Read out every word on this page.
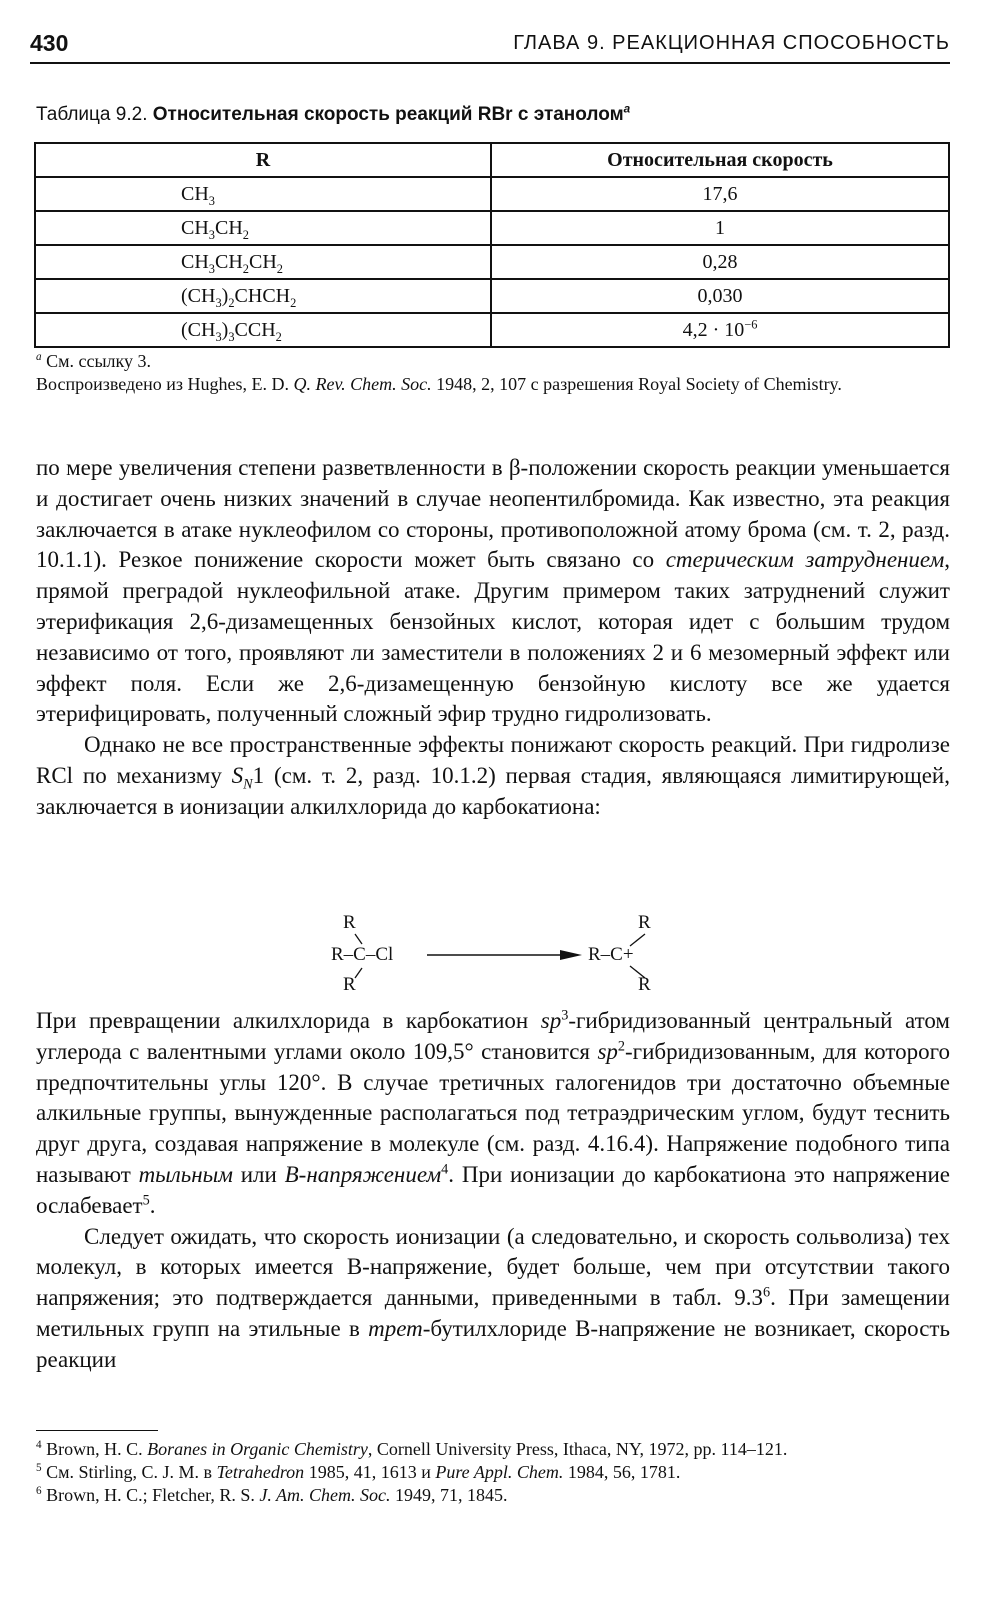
430	ГЛАВА 9. РЕАКЦИОННАЯ СПОСОБНОСТЬ
Таблица 9.2. Относительная скорость реакций RBr с этанолом$^a$
R	Относительная скорость
$CH_3$	17,6
$CH_3CH_2$	1
$CH_3CH_2CH_2$	0,28
$(CH_3)_2CHCH_2$	0,030
$(CH_3)_3CCH_2$	$4,2 \cdot 10^{-6}$

$^a$ См. ссылку 3.

Воспроизведено из Hughes, E. D. Q. Rev. Chem. Soc. 1948, 2, 107 с разрешения Royal Society of Chemistry.

по мере увеличения степени разветвленности в β-положении скорость реакции уменьшается и достигает очень низких значений в случае неопентилбромида. Как известно, эта реакция заключается в атаке нуклеофилом со стороны, противоположной атому брома (см. т. 2, разд. 10.1.1). Резкое понижение скорости может быть связано со стерическим затруднением, прямой преградой нуклеофильной атаке. Другим примером таких затруднений служит этерификация 2,6-дизамещенных бензойных кислот, которая идет с большим трудом независимо от того, проявляют ли заместители в положениях 2 и 6 мезомерный эффект или эффект поля. Если же 2,6-дизамещенную бензойную кислоту все же удается этерифицировать, полученный сложный эфир трудно гидролизовать.

Однако не все пространственные эффекты понижают скорость реакций. При гидролизе RCl по механизму $S_N1$ (см. т. 2, разд. 10.1.2) первая стадия, являющаяся лимитирующей, заключается в ионизации алкилхлорида до карбокатиона:

R
R–C–Cl
R
R
R–C+
R

При превращении алкилхлорида в карбокатион $sp^3$-гибридизованный центральный атом углерода с валентными углами около 109,5° становится $sp^2$-гибридизованным, для которого предпочтительны углы 120°. В случае третичных галогенидов три достаточно объемные алкильные группы, вынужденные располагаться под тетраэдрическим углом, будут теснить друг друга, создавая напряжение в молекуле (см. разд. 4.16.4). Напряжение подобного типа называют тыльным или B-напряжением$^4$. При ионизации до карбокатиона это напряжение ослабевает$^5$.

Следует ожидать, что скорость ионизации (а следовательно, и скорость сольволиза) тех молекул, в которых имеется B-напряжение, будет больше, чем при отсутствии такого напряжения; это подтверждается данными, приведенными в табл. $9.3^6$. При замещении метильных групп на этильные в трет-бутилхлориде B-напряжение не возникает, скорость реакции

$^4$ Brown, H. C. Boranes in Organic Chemistry, Cornell University Press, Ithaca, NY, 1972, pp. 114–121.

$^5$ См. Stirling, C. J. M. в Tetrahedron 1985, 41, 1613 и Pure Appl. Chem. 1984, 56, 1781.

$^6$ Brown, H. C.; Fletcher, R. S. J. Am. Chem. Soc. 1949, 71, 1845.
